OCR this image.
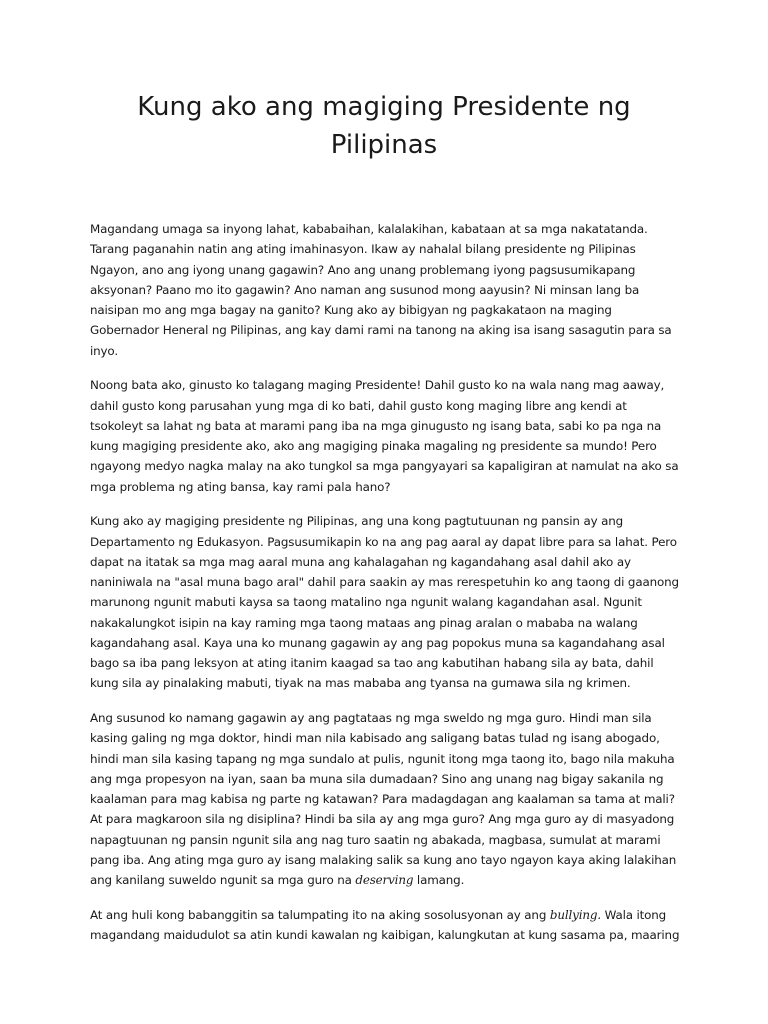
Kung ako ang magiging Presidente ng Pilipinas

Magandang umaga sa inyong lahat, kababaihan, kalalakihan, kabataan at sa mga nakatatanda. Tarang paganahin natin ang ating imahinasyon. Ikaw ay nahalal bilang presidente ng Pilipinas Ngayon, ano ang iyong unang gagawin? Ano ang unang problemang iyong pagsusumikapang aksyonan? Paano mo ito gagawin? Ano naman ang susunod mong aayusin? Ni minsan lang ba naisipan mo ang mga bagay na ganito? Kung ako ay bibigyan ng pagkakataon na maging Gobernador Heneral ng Pilipinas, ang kay dami rami na tanong na aking isa isang sasagutin para sa inyo.

Noong bata ako, ginusto ko talagang maging Presidente! Dahil gusto ko na wala nang mag aaway, dahil gusto kong parusahan yung mga di ko bati, dahil gusto kong maging libre ang kendi at tsokoleyt sa lahat ng bata at marami pang iba na mga ginugusto ng isang bata, sabi ko pa nga na kung magiging presidente ako, ako ang magiging pinaka magaling ng presidente sa mundo! Pero ngayong medyo nagka malay na ako tungkol sa mga pangyayari sa kapaligiran at namulat na ako sa mga problema ng ating bansa, kay rami pala hano?

Kung ako ay magiging presidente ng Pilipinas, ang una kong pagtutuunan ng pansin ay ang Departamento ng Edukasyon. Pagsusumikapin ko na ang pag aaral ay dapat libre para sa lahat. Pero dapat na itatak sa mga mag aaral muna ang kahalagahan ng kagandahang asal dahil ako ay naniniwala na "asal muna bago aral" dahil para saakin ay mas rerespetuhin ko ang taong di gaanong marunong ngunit mabuti kaysa sa taong matalino nga ngunit walang kagandahan asal. Ngunit nakakalungkot isipin na kay raming mga taong mataas ang pinag aralan o mababa na walang kagandahang asal. Kaya una ko munang gagawin ay ang pag popokus muna sa kagandahang asal bago sa iba pang leksyon at ating itanim kaagad sa tao ang kabutihan habang sila ay bata, dahil kung sila ay pinalaking mabuti, tiyak na mas mababa ang tyansa na gumawa sila ng krimen.

Ang susunod ko namang gagawin ay ang pagtataas ng mga sweldo ng mga guro. Hindi man sila kasing galing ng mga doktor, hindi man nila kabisado ang saligang batas tulad ng isang abogado, hindi man sila kasing tapang ng mga sundalo at pulis, ngunit itong mga taong ito, bago nila makuha ang mga propesyon na iyan, saan ba muna sila dumadaan? Sino ang unang nag bigay sakanila ng kaalaman para mag kabisa ng parte ng katawan? Para madagdagan ang kaalaman sa tama at mali? At para magkaroon sila ng disiplina? Hindi ba sila ay ang mga guro? Ang mga guro ay di masyadong napagtuunan ng pansin ngunit sila ang nag turo saatin ng abakada, magbasa, sumulat at marami pang iba. Ang ating mga guro ay isang malaking salik sa kung ano tayo ngayon kaya aking lalakihan ang kanilang suweldo ngunit sa mga guro na deserving lamang.

At ang huli kong babanggitin sa talumpating ito na aking sosolusyonan ay ang bullying. Wala itong magandang maidudulot sa atin kundi kawalan ng kaibigan, kalungkutan at kung sasama pa, maaring
